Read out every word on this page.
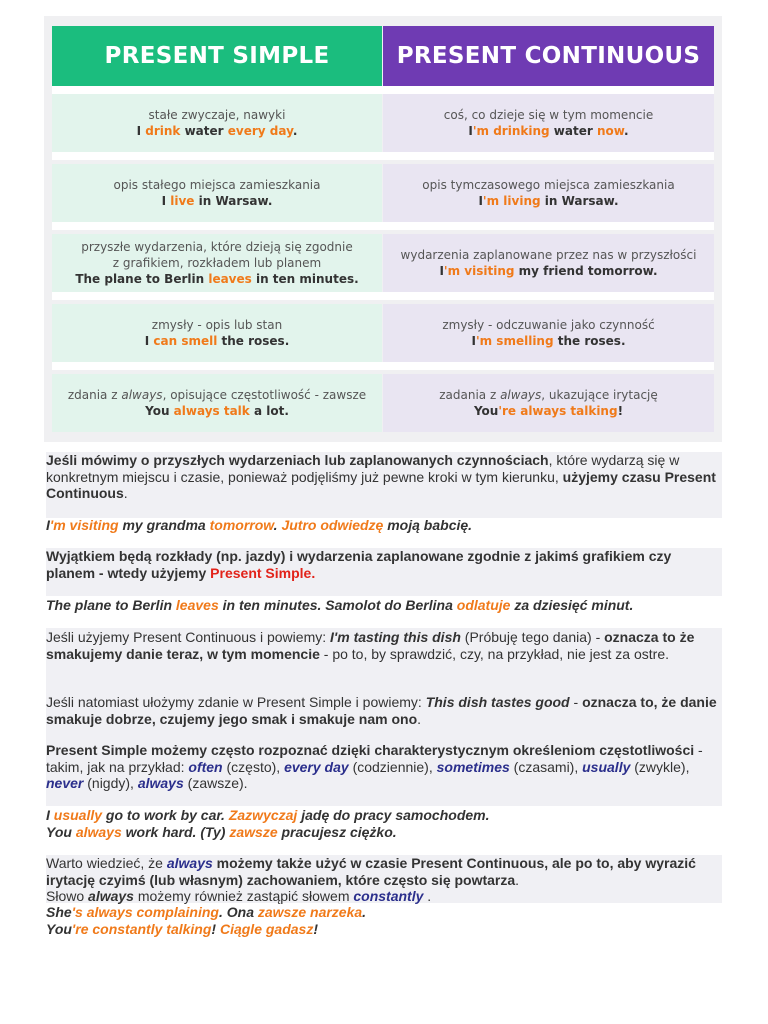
PRESENT SIMPLE	PRESENT CONTINUOUS
stałe zwyczaje, nawyki
I drink water every day.
coś, co dzieje się w tym momencie
I'm drinking water now.
opis stałego miejsca zamieszkania
I live in Warsaw.
opis tymczasowego miejsca zamieszkania
I'm living in Warsaw.
przyszłe wydarzenia, które dzieją się zgodnie
z grafikiem, rozkładem lub planem
The plane to Berlin leaves in ten minutes.
wydarzenia zaplanowane przez nas w przyszłości
I'm visiting my friend tomorrow.
zmysły - opis lub stan
I can smell the roses.
zmysły - odczuwanie jako czynność
I'm smelling the roses.
zdania z always, opisujące częstotliwość - zawsze
You always talk a lot.
zadania z always, ukazujące irytację
You're always talking!
Jeśli mówimy o przyszłych wydarzeniach lub zaplanowanych czynnościach, które wydarzą się w konkretnym miejscu i czasie, ponieważ podjęliśmy już pewne kroki w tym kierunku, użyjemy czasu Present Continuous.
I'm visiting my grandma tomorrow. Jutro odwiedzę moją babcię.
Wyjątkiem będą rozkłady (np. jazdy) i wydarzenia zaplanowane zgodnie z jakimś grafikiem czy planem - wtedy użyjemy Present Simple.
The plane to Berlin leaves in ten minutes. Samolot do Berlina odlatuje za dziesięć minut.
Jeśli użyjemy Present Continuous i powiemy: I'm tasting this dish (Próbuję tego dania) - oznacza to że smakujemy danie teraz, w tym momencie - po to, by sprawdzić, czy, na przykład, nie jest za ostre.
Jeśli natomiast ułożymy zdanie w Present Simple i powiemy: This dish tastes good - oznacza to, że danie smakuje dobrze, czujemy jego smak i smakuje nam ono.
Present Simple możemy często rozpoznać dzięki charakterystycznym określeniom częstotliwości - takim, jak na przykład: often (często), every day (codziennie), sometimes (czasami), usually (zwykle), never (nigdy), always (zawsze).
I usually go to work by car. Zazwyczaj jadę do pracy samochodem.
You always work hard. (Ty) zawsze pracujesz ciężko.
Warto wiedzieć, że always możemy także użyć w czasie Present Continuous, ale po to, aby wyrazić irytację czyimś (lub własnym) zachowaniem, które często się powtarza.
Słowo always możemy również zastąpić słowem constantly .
She's always complaining. Ona zawsze narzeka.
You're constantly talking! Ciągle gadasz!
